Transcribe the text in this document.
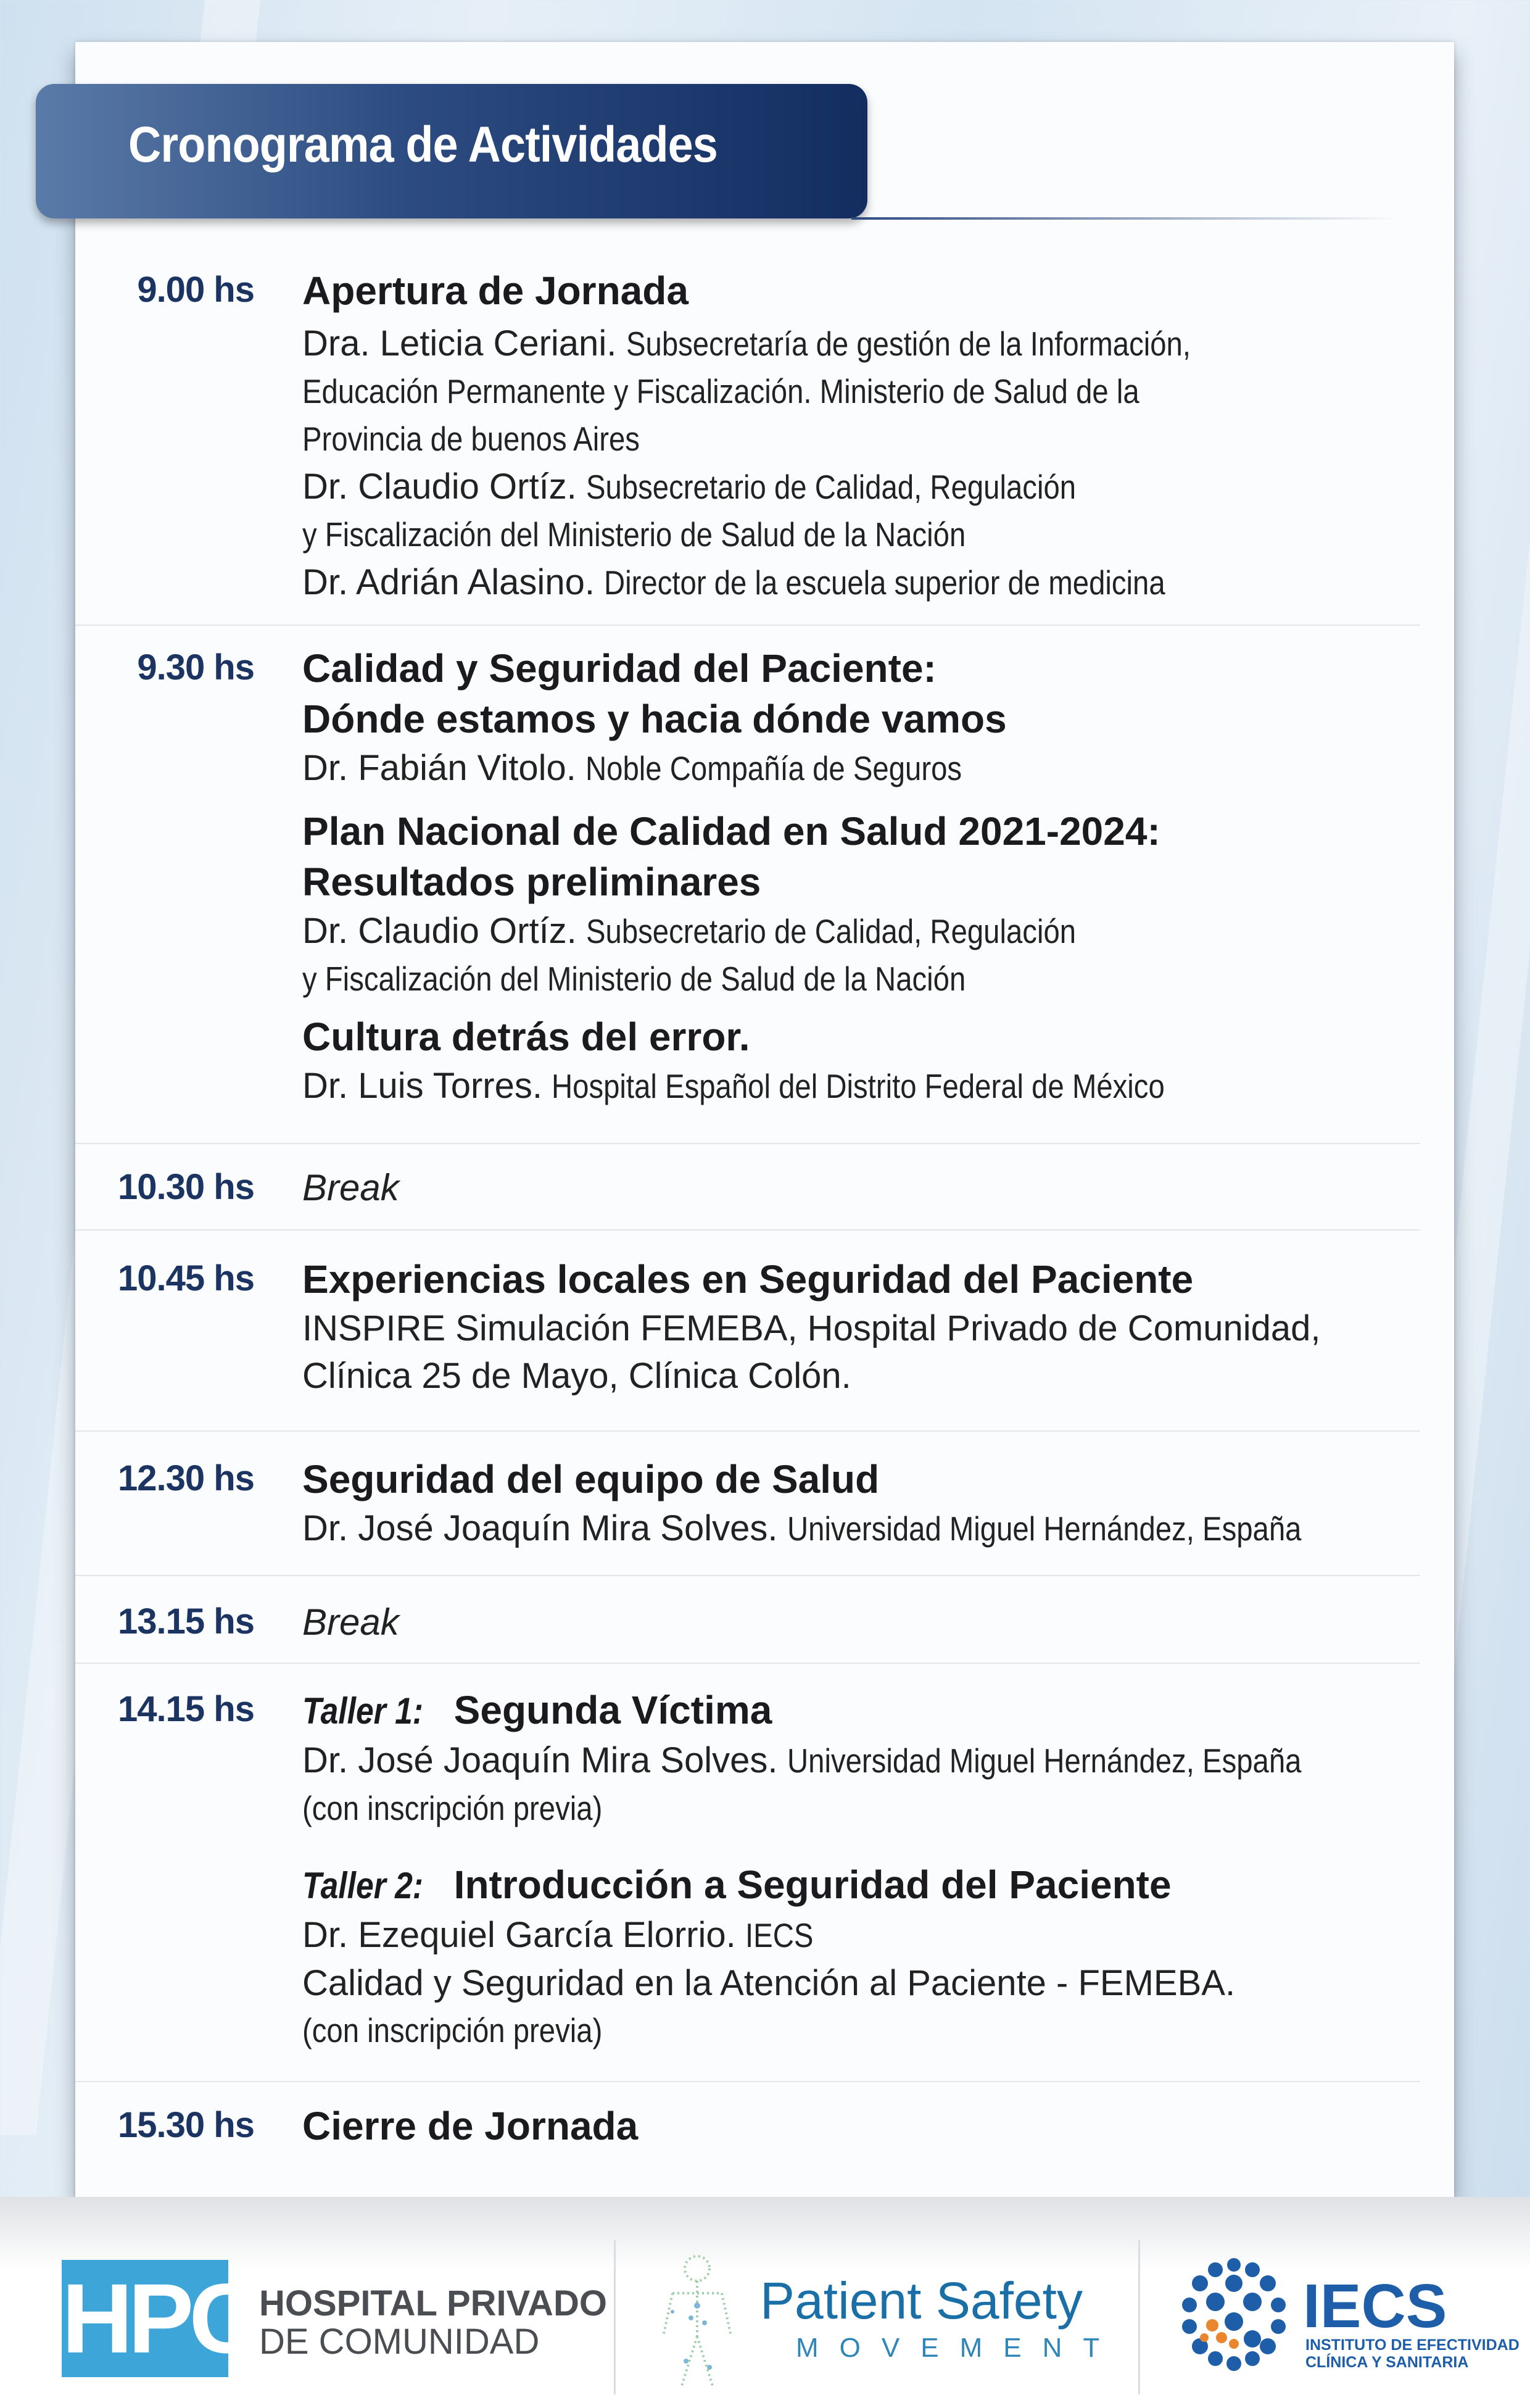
Cronograma de Actividades
9.00 hs Apertura de Jornada
Dra. Leticia Ceriani. Subsecretaría de gestión de la Información,
Educación Permanente y Fiscalización. Ministerio de Salud de la
Provincia de buenos Aires
Dr. Claudio Ortíz. Subsecretario de Calidad, Regulación
y Fiscalización del Ministerio de Salud de la Nación
Dr. Adrián Alasino. Director de la escuela superior de medicina
9.30 hs Calidad y Seguridad del Paciente:
Dónde estamos y hacia dónde vamos
Dr. Fabián Vitolo. Noble Compañía de Seguros
Plan Nacional de Calidad en Salud 2021-2024:
Resultados preliminares
Dr. Claudio Ortíz. Subsecretario de Calidad, Regulación
y Fiscalización del Ministerio de Salud de la Nación
Cultura detrás del error.
Dr. Luis Torres. Hospital Español del Distrito Federal de México
10.30 hs Break
10.45 hs Experiencias locales en Seguridad del Paciente
INSPIRE Simulación FEMEBA, Hospital Privado de Comunidad,
Clínica 25 de Mayo, Clínica Colón.
12.30 hs Seguridad del equipo de Salud
Dr. José Joaquín Mira Solves. Universidad Miguel Hernández, España
13.15 hs Break
14.15 hs Taller 1: Segunda Víctima
Dr. José Joaquín Mira Solves. Universidad Miguel Hernández, España
(con inscripción previa)
Taller 2: Introducción a Seguridad del Paciente
Dr. Ezequiel García Elorrio. IECS
Calidad y Seguridad en la Atención al Paciente - FEMEBA.
(con inscripción previa)
15.30 hs Cierre de Jornada
HPC HOSPITAL PRIVADO
DE COMUNIDAD
Patient Safety
MOVEMENT
IECS
INSTITUTO DE EFECTIVIDAD
CLÍNICA Y SANITARIA
